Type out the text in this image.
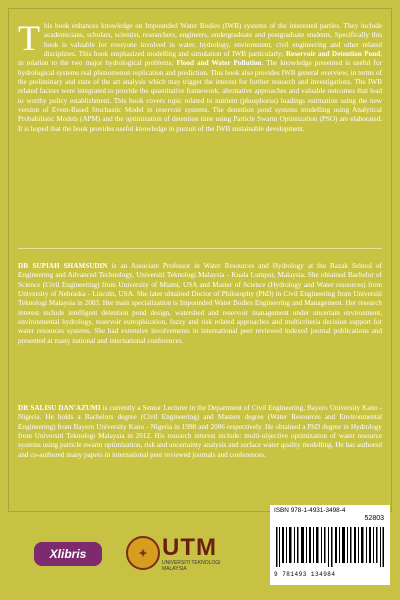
This book enhances knowledge on Impounded Water Bodies (IWB) systems of the interested parties. They include academicians, scholars, scientist, researchers, engineers, undergraduate and postgraduate students. Specifically this book is valuable for everyone involved in water, hydrology, environment, civil engineering and other related disciplines. This book emphasized modelling and simulation of IWB particularly; Reservoir and Detention Pond, in relation to the two major hydrological problems; Flood and Water Pollution. The knowledge presented is useful for hydrological systems real phenomenon replication and prediction. This book also provides IWB general overview, in terms of the preliminary and state of the art analysis which may trigger the interest for further research and investigations. The IWB related factors were integrated to provide the quantitative framework, alternative approaches and valuable outcomes that lead to worthy policy establishment. This book covers topic related to nutrient (phosphorus) loadings estimation using the new version of Event-Based Stochastic Model in reservoir systems. The detention pond systems modelling using Analytical Probabilistic Models (APM) and the optimization of detention time using Particle Swarm Optimization (PSO) are elaborated. It is hoped that the book provides useful knowledge in pursuit of the IWB sustainable development.
DR SUPIAH SHAMSUDIN is an Associate Professor in Water Resources and Hydrology at the Razak School of Engineering and Advanced Technology, Universiti Teknologi Malaysia - Kuala Lumpur, Malaysia. She obtained Bachelor of Science (Civil Engineering) from University of Miami, USA and Master of Science (Hydrology and Water resources) from University of Nebraska - Lincoln, USA. She later obtained Doctor of Philosophy (PhD) in Civil Engineering from Universiti Teknologi Malaysia in 2003. Her main specialization is Impounded Water Bodies Engineering and Management. Her research interest include intelligent detention pond design, watershed and reservoir management under uncertain environment, environmental hydrology, reservoir eutrophication, fuzzy and risk related approaches and multicriteria decision support for water resources systems. She had extensive involvements in international peer reviewed indexed journal publications and presented at many national and international conferences.
DR SALISU DAN'AZUMI is currently a Senior Lecturer in the Department of Civil Engineering, Bayero University Kano - Nigeria. He holds a Bachelors degree (Civil Engineering) and Masters degree (Water Resources and Environmental Engineering) from Bayero University Kano - Nigeria in 1998 and 2006 respectively. He obtained a PhD degree in Hydrology from Universiti Teknologi Malaysia in 2012. His research interest include: multi-objective optimization of water resource systems using particle swarm optimization, risk and uncertainty analysis and surface water quality modelling. He has authored and co-authored many papers in international peer reviewed journals and conferences.
Xlibris	✦ UTM
UNIVERSITI TEKNOLOGI MALAYSIA
ISBN 978-1-4931-3498-4
52803
9 781493 134984
